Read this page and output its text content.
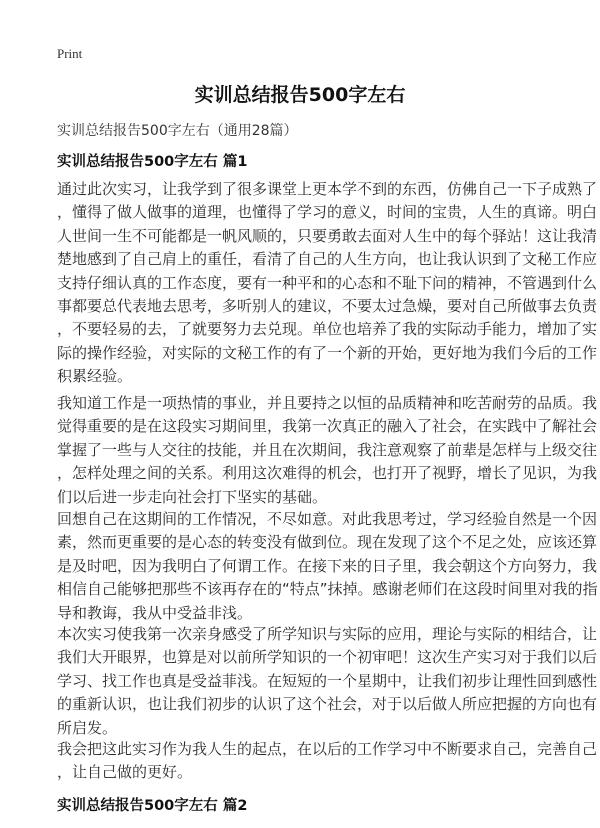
Print
实训总结报告500字左右
实训总结报告500字左右（通用28篇）
实训总结报告500字左右 篇1
通过此次实习，让我学到了很多课堂上更本学不到的东西，仿佛自己一下子成熟了
，懂得了做人做事的道理，也懂得了学习的意义，时间的宝贵，人生的真谛。明白
人世间一生不可能都是一帆风顺的，只要勇敢去面对人生中的每个驿站！这让我清
楚地感到了自己肩上的重任，看清了自己的人生方向，也让我认识到了文秘工作应
支持仔细认真的工作态度，要有一种平和的心态和不耻下问的精神，不管遇到什么
事都要总代表地去思考，多听别人的建议，不要太过急燥，要对自己所做事去负责
，不要轻易的去，了就要努力去兑现。单位也培养了我的实际动手能力，增加了实
际的操作经验，对实际的文秘工作的有了一个新的开始，更好地为我们今后的工作
积累经验。
我知道工作是一项热情的事业，并且要持之以恒的品质精神和吃苦耐劳的品质。我
觉得重要的是在这段实习期间里，我第一次真正的融入了社会，在实践中了解社会
掌握了一些与人交往的技能，并且在次期间，我注意观察了前辈是怎样与上级交往
，怎样处理之间的关系。利用这次难得的机会，也打开了视野，增长了见识，为我
们以后进一步走向社会打下坚实的基础。
回想自己在这期间的工作情况，不尽如意。对此我思考过，学习经验自然是一个因
素，然而更重要的是心态的转变没有做到位。现在发现了这个不足之处，应该还算
是及时吧，因为我明白了何谓工作。在接下来的日子里，我会朝这个方向努力，我
相信自己能够把那些不该再存在的“特点”抹掉。感谢老师们在这段时间里对我的指
导和教诲，我从中受益非浅。
本次实习使我第一次亲身感受了所学知识与实际的应用，理论与实际的相结合，让
我们大开眼界，也算是对以前所学知识的一个初审吧！这次生产实习对于我们以后
学习、找工作也真是受益菲浅。在短短的一个星期中，让我们初步让理性回到感性
的重新认识，也让我们初步的认识了这个社会，对于以后做人所应把握的方向也有
所启发。
我会把这此实习作为我人生的起点，在以后的工作学习中不断要求自己，完善自己
，让自己做的更好。
实训总结报告500字左右 篇2
